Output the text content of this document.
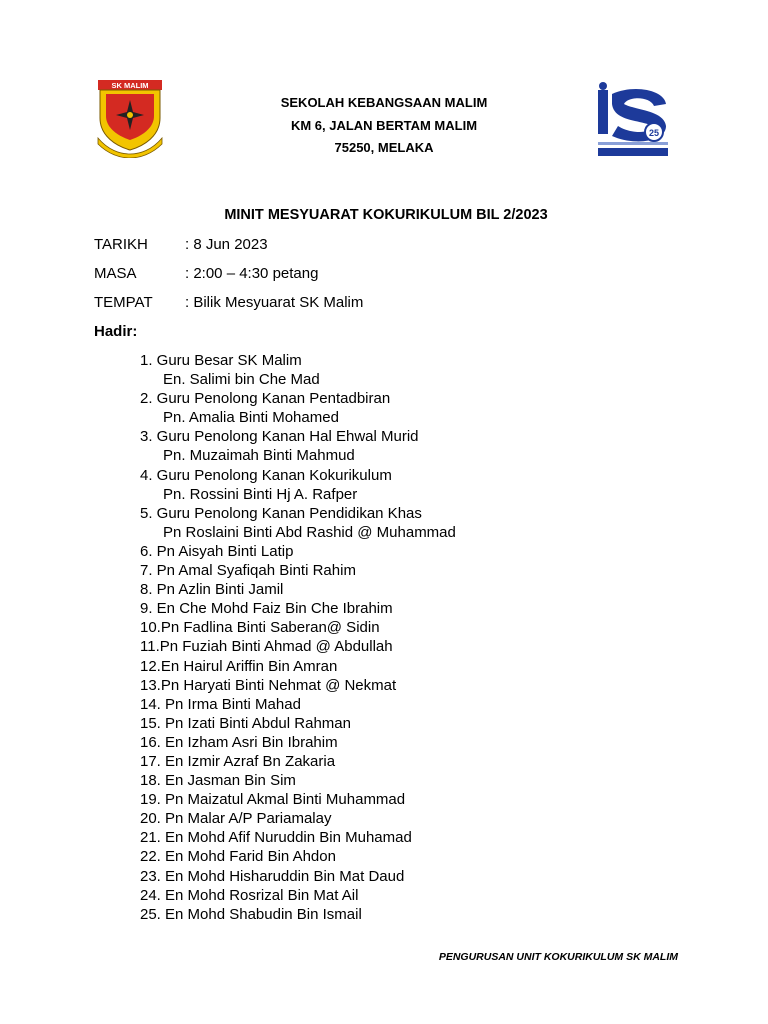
SK MALIM
25
SEKOLAH KEBANGSAAN MALIM
KM 6, JALAN BERTAM MALIM
75250, MELAKA
MINIT MESYUARAT KOKURIKULUM BIL 2/2023
TARIKH : 8 Jun 2023
MASA	: 2:00 – 4:30 petang
TEMPAT : Bilik Mesyuarat SK Malim
Hadir:
1. Guru Besar SK Malim
En. Salimi bin Che Mad
2. Guru Penolong Kanan Pentadbiran
Pn. Amalia Binti Mohamed
3. Guru Penolong Kanan Hal Ehwal Murid
Pn. Muzaimah Binti Mahmud
4. Guru Penolong Kanan Kokurikulum
Pn. Rossini Binti Hj A. Rafper
5. Guru Penolong Kanan Pendidikan Khas
Pn Roslaini Binti Abd Rashid @ Muhammad
6. Pn Aisyah Binti Latip
7. Pn Amal Syafiqah Binti Rahim
8. Pn Azlin Binti Jamil
9. En Che Mohd Faiz Bin Che Ibrahim
10.Pn Fadlina Binti Saberan@ Sidin
11.Pn Fuziah Binti Ahmad @ Abdullah
12.En Hairul Ariffin Bin Amran
13.Pn Haryati Binti Nehmat @ Nekmat
14. Pn Irma Binti Mahad
15. Pn Izati Binti Abdul Rahman
16. En Izham Asri Bin Ibrahim
17. En Izmir Azraf Bn Zakaria
18. En Jasman Bin Sim
19. Pn Maizatul Akmal Binti Muhammad
20. Pn Malar A/P Pariamalay
21. En Mohd Afif Nuruddin Bin Muhamad
22. En Mohd Farid Bin Ahdon
23. En Mohd Hisharuddin Bin Mat Daud
24. En Mohd Rosrizal Bin Mat Ail
25. En Mohd Shabudin Bin Ismail
PENGURUSAN UNIT KOKURIKULUM SK MALIM
